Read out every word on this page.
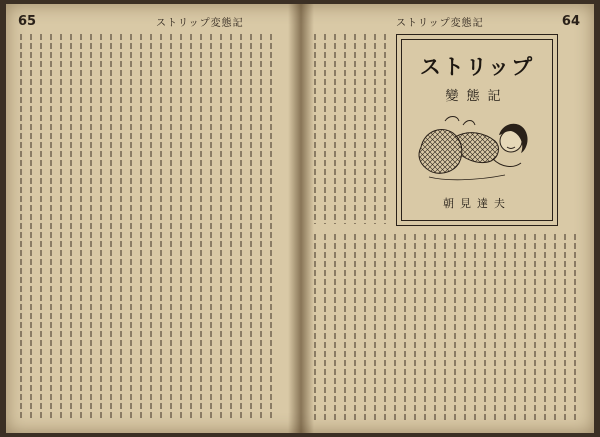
65	ストリップ変態記	64
ストリップ変態記
ストリップ
變態記
朝見達夫
